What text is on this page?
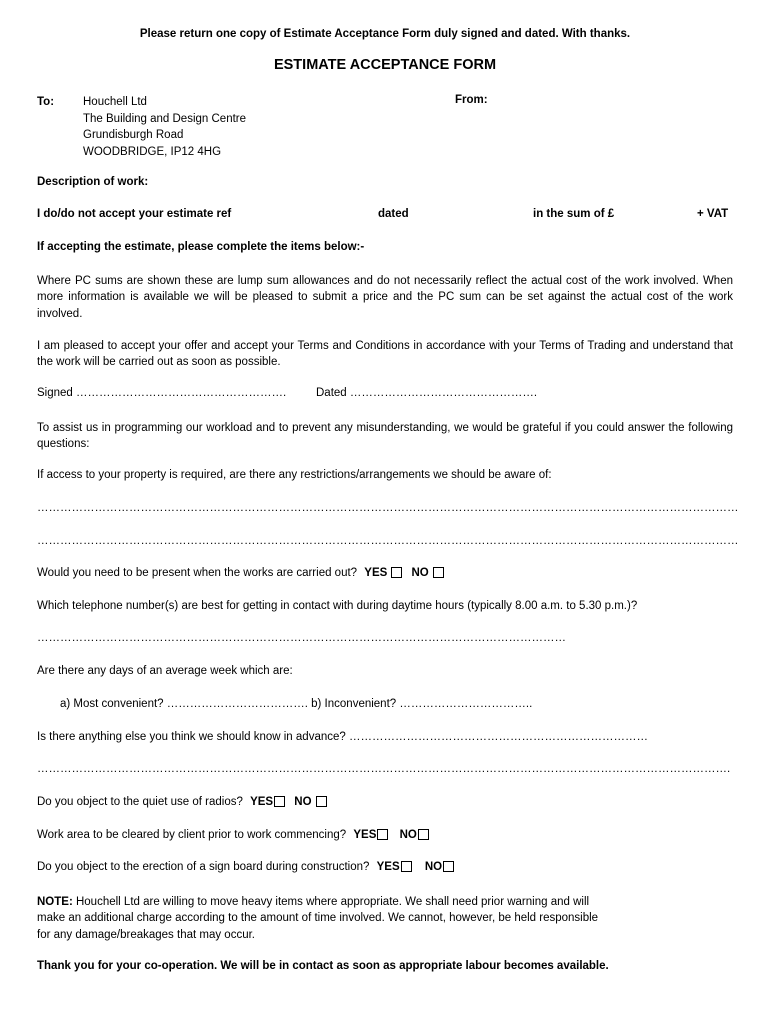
Please return one copy of Estimate Acceptance Form duly signed and dated. With thanks.
ESTIMATE ACCEPTANCE FORM
To:	Houchell Ltd
The Building and Design Centre
Grundisburgh Road
WOODBRIDGE, IP12 4HG
From:
Description of work:
I do/do not accept your estimate ref	dated	in the sum of £	+ VAT
If accepting the estimate, please complete the items below:-
Where PC sums are shown these are lump sum allowances and do not necessarily reflect the actual cost of the work involved. When more information is available we will be pleased to submit a price and the PC sum can be set against the actual cost of the work involved.
I am pleased to accept your offer and accept your Terms and Conditions in accordance with your Terms of Trading and understand that the work will be carried out as soon as possible.
Signed ……………………………………………….	Dated ………………………………………….
To assist us in programming our workload and to prevent any misunderstanding, we would be grateful if you could answer the following questions:
If access to your property is required, are there any restrictions/arrangements we should be aware of:
…………………………………………………………………………………………………………………………………………………………………
…………………………………………………………………………………………………………………………………………………………………
Would you need to be present when the works are carried out? YES NO
Which telephone number(s) are best for getting in contact with during daytime hours (typically 8.00 a.m. to 5.30 p.m.)?
…………………………………………………………………………………………………………………………
Are there any days of an average week which are:
a) Most convenient? ………………………………. b) Inconvenient? ……………………………..
Is there anything else you think we should know in advance? ……………………………………………………………………
……………………………………………………………………………………………………………………………………………………………….
Do you object to the quiet use of radios? YES NO
Work area to be cleared by client prior to work commencing? YES NO
Do you object to the erection of a sign board during construction? YES NO
NOTE: Houchell Ltd are willing to move heavy items where appropriate. We shall need prior warning and will
make an additional charge according to the amount of time involved. We cannot, however, be held responsible
for any damage/breakages that may occur.
Thank you for your co-operation. We will be in contact as soon as appropriate labour becomes available.
